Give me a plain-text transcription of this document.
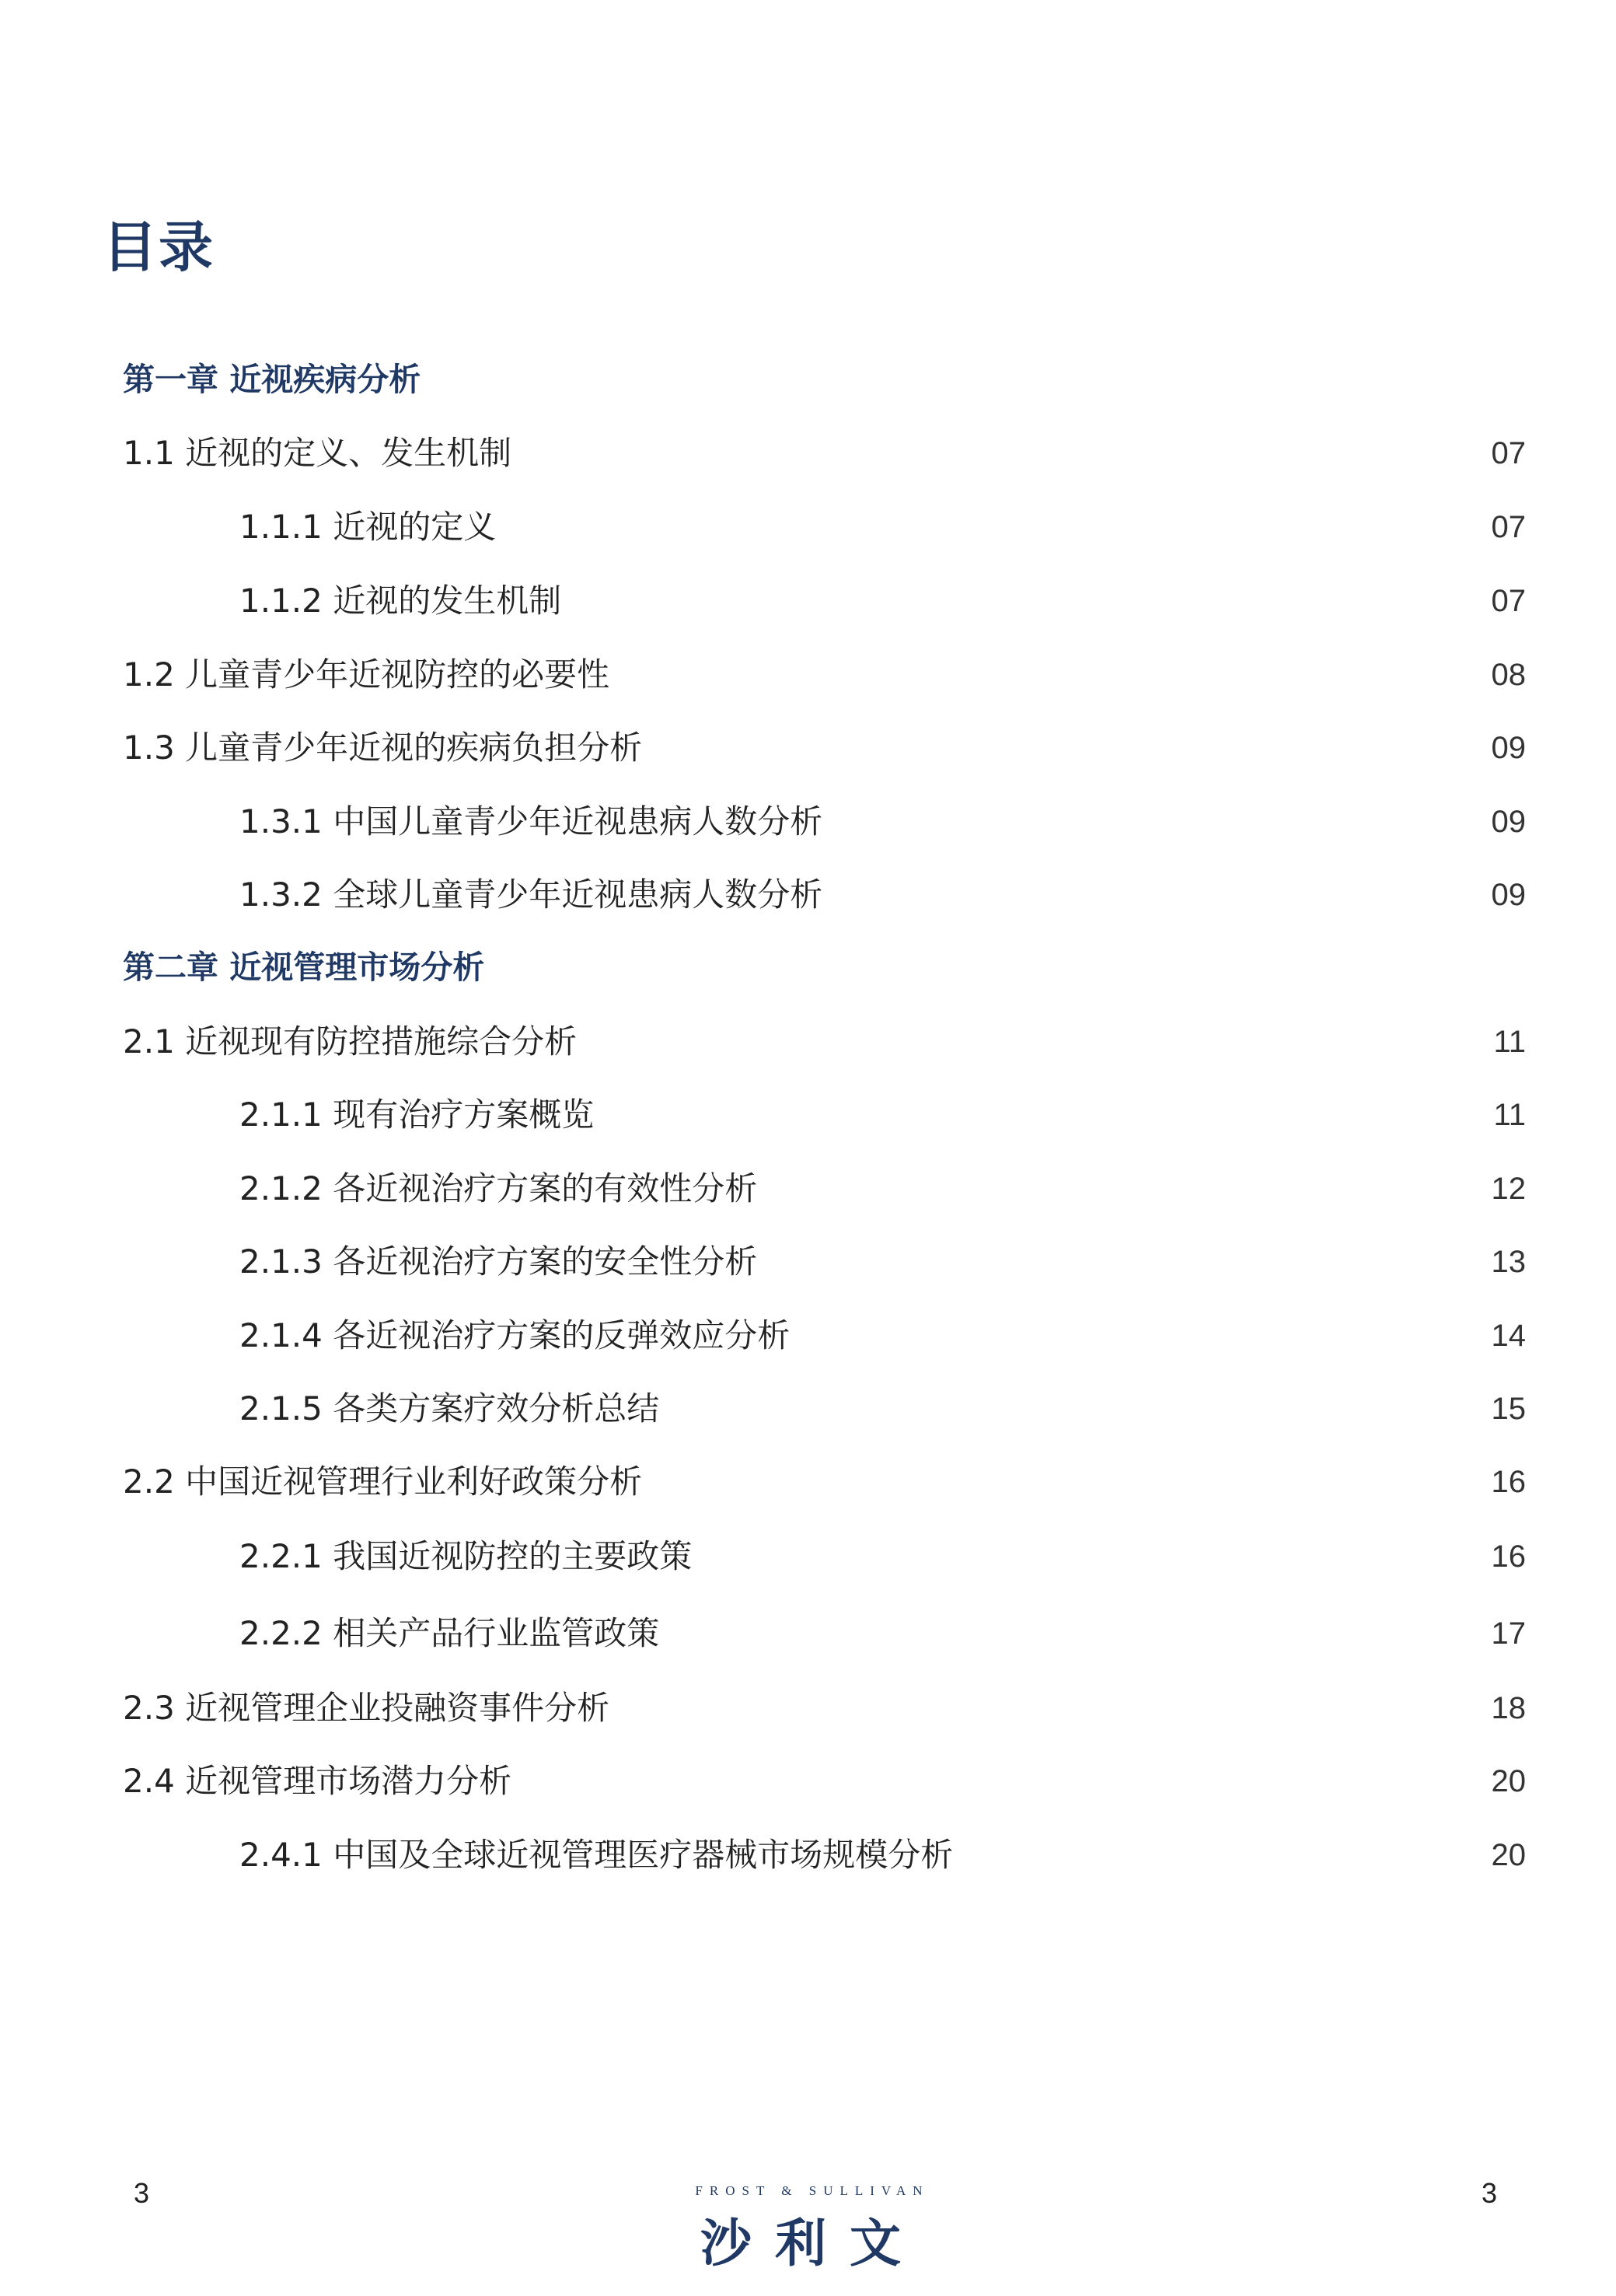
目录
第一章 近视疾病分析
1.1 近视的定义、发生机制	07
1.1.1 近视的定义	07
1.1.2 近视的发生机制	07
1.2 儿童青少年近视防控的必要性	08
1.3 儿童青少年近视的疾病负担分析	09
1.3.1 中国儿童青少年近视患病人数分析	09
1.3.2 全球儿童青少年近视患病人数分析	09
第二章 近视管理市场分析
2.1 近视现有防控措施综合分析	11
2.1.1 现有治疗方案概览	11
2.1.2 各近视治疗方案的有效性分析	12
2.1.3 各近视治疗方案的安全性分析	13
2.1.4 各近视治疗方案的反弹效应分析	14
2.1.5 各类方案疗效分析总结	15
2.2 中国近视管理行业利好政策分析	16
2.2.1 我国近视防控的主要政策	16
2.2.2 相关产品行业监管政策	17
2.3 近视管理企业投融资事件分析	18
2.4 近视管理市场潜力分析	20
2.4.1 中国及全球近视管理医疗器械市场规模分析	20
3	FROST & SULLIVAN
沙利文
3
